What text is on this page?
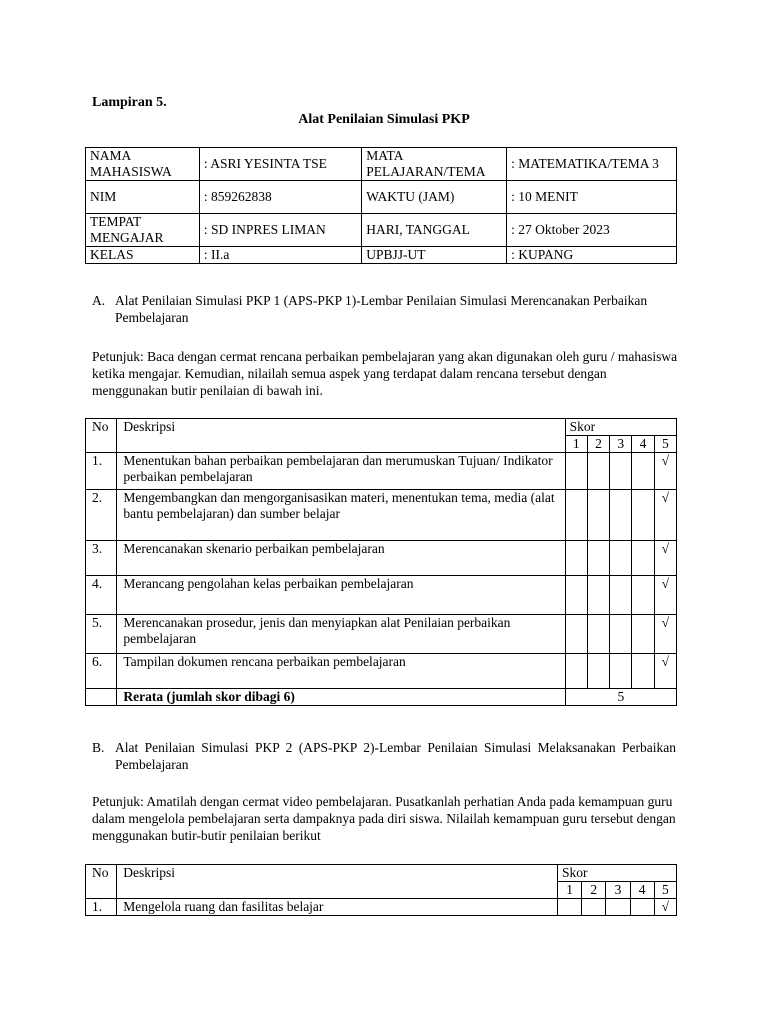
Lampiran 5.
Alat Penilaian Simulasi PKP
NAMA MAHASISWA	: ASRI YESINTA TSE	MATA PELAJARAN/TEMA	: MATEMATIKA/TEMA 3
NIM	: 859262838	WAKTU (JAM)	: 10 MENIT
TEMPAT MENGAJAR	: SD INPRES LIMAN	HARI, TANGGAL	: 27 Oktober 2023
KELAS	: II.a	UPBJJ-UT	: KUPANG
A. Alat Penilaian Simulasi PKP 1 (APS-PKP 1)-Lembar Penilaian Simulasi Merencanakan Perbaikan Pembelajaran
Petunjuk: Baca dengan cermat rencana perbaikan pembelajaran yang akan digunakan oleh guru / mahasiswa ketika mengajar. Kemudian, nilailah semua aspek yang terdapat dalam rencana tersebut dengan menggunakan butir penilaian di bawah ini.
No	Deskripsi	Skor				
		1	2	3	4	5
1.	Menentukan bahan perbaikan pembelajaran dan merumuskan Tujuan/ Indikator perbaikan pembelajaran					√
2.	Mengembangkan dan mengorganisasikan materi, menentukan tema, media (alat bantu pembelajaran) dan sumber belajar					√
3.	Merencanakan skenario perbaikan pembelajaran					√
4.	Merancang pengolahan kelas perbaikan pembelajaran					√
5.	Merencanakan prosedur, jenis dan menyiapkan alat Penilaian perbaikan pembelajaran					√
6.	Tampilan dokumen rencana perbaikan pembelajaran					√
	Rerata (jumlah skor dibagi 6)	5				
B. Alat Penilaian Simulasi PKP 2 (APS-PKP 2)-Lembar Penilaian Simulasi Melaksanakan Perbaikan Pembelajaran
Petunjuk: Amatilah dengan cermat video pembelajaran. Pusatkanlah perhatian Anda pada kemampuan guru dalam mengelola pembelajaran serta dampaknya pada diri siswa. Nilailah kemampuan guru tersebut dengan menggunakan butir-butir penilaian berikut
No	Deskripsi	Skor				
		1	2	3	4	5
1.	Mengelola ruang dan fasilitas belajar					√
